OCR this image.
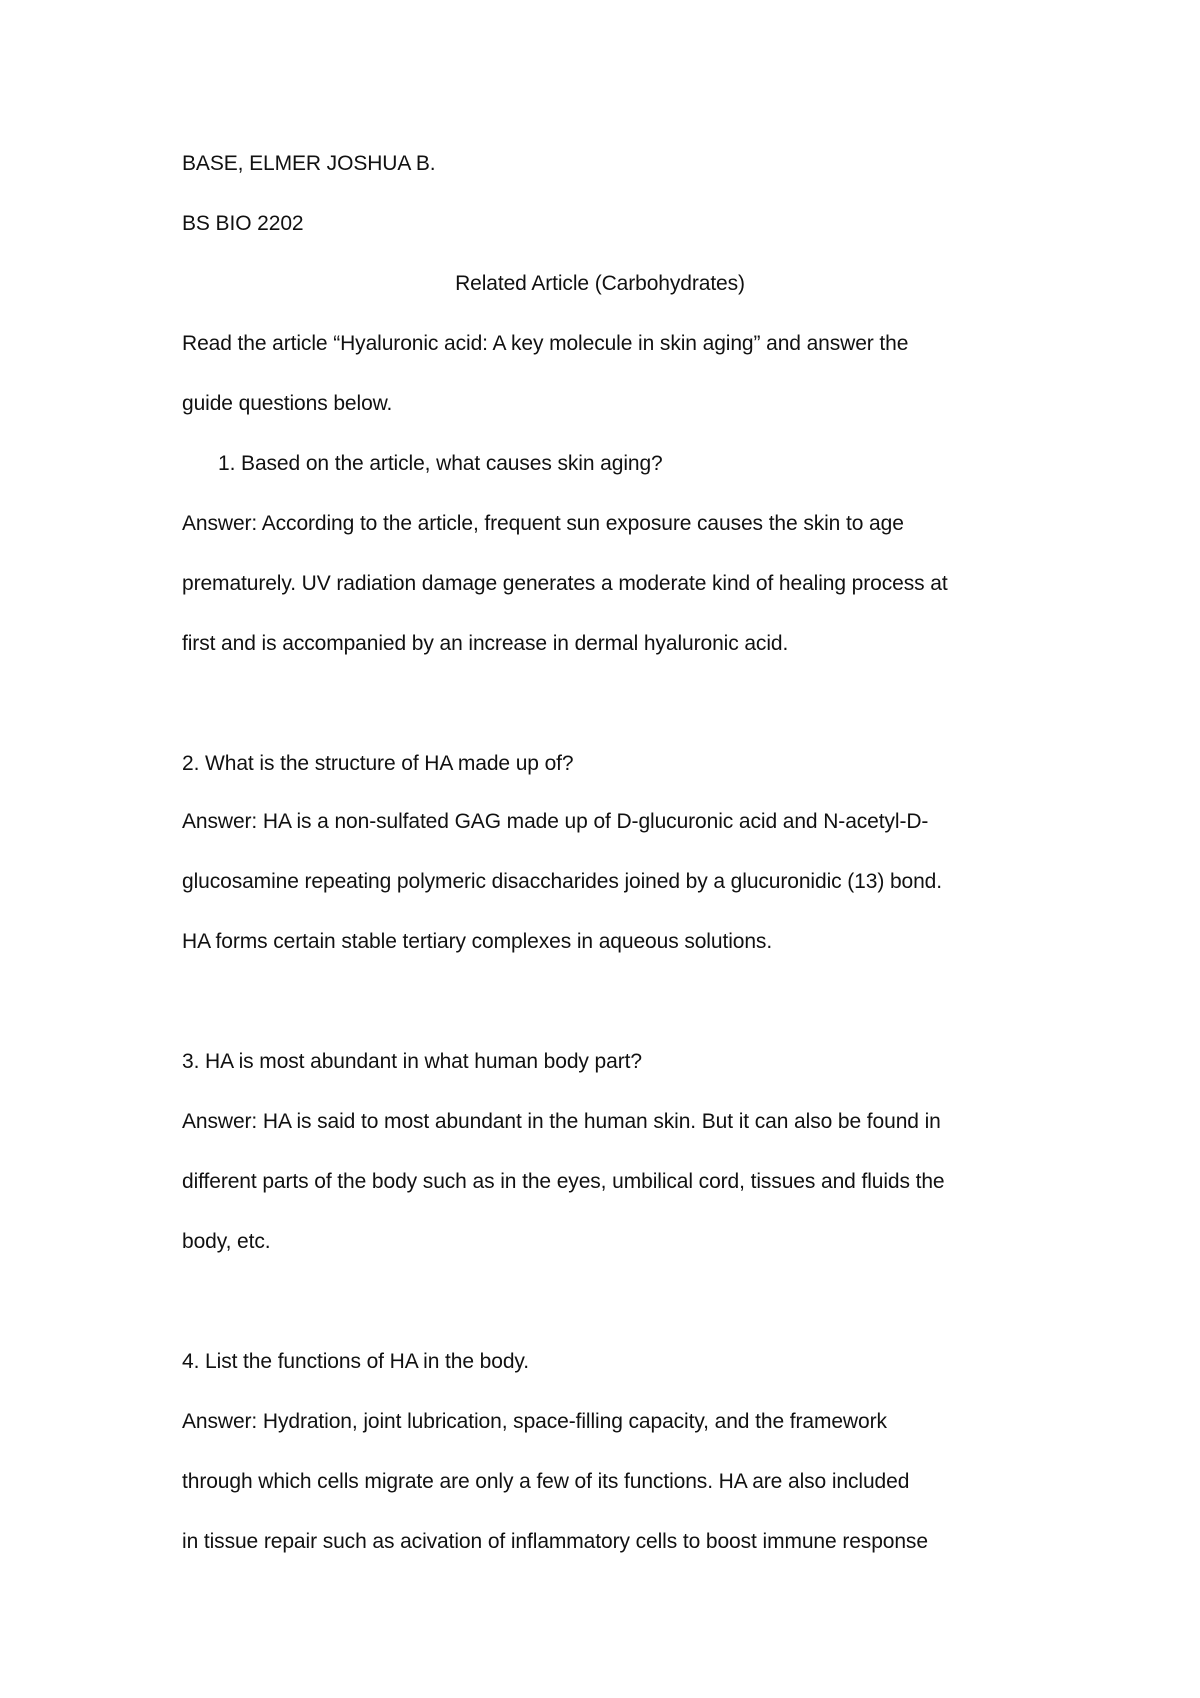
BASE, ELMER JOSHUA B.
BS BIO 2202
Related Article (Carbohydrates)
Read the article “Hyaluronic acid: A key molecule in skin aging” and answer the
guide questions below.
1. Based on the article, what causes skin aging?
Answer: According to the article, frequent sun exposure causes the skin to age
prematurely. UV radiation damage generates a moderate kind of healing process at
first and is accompanied by an increase in dermal hyaluronic acid.
2. What is the structure of HA made up of?
Answer: HA is a non-sulfated GAG made up of D-glucuronic acid and N-acetyl-D-
glucosamine repeating polymeric disaccharides joined by a glucuronidic (13) bond.
HA forms certain stable tertiary complexes in aqueous solutions.
3. HA is most abundant in what human body part?
Answer: HA is said to most abundant in the human skin. But it can also be found in
different parts of the body such as in the eyes, umbilical cord, tissues and fluids the
body, etc.
4. List the functions of HA in the body.
Answer: Hydration, joint lubrication, space-filling capacity, and the framework
through which cells migrate are only a few of its functions. HA are also included
in tissue repair such as acivation of inflammatory cells to boost immune response
